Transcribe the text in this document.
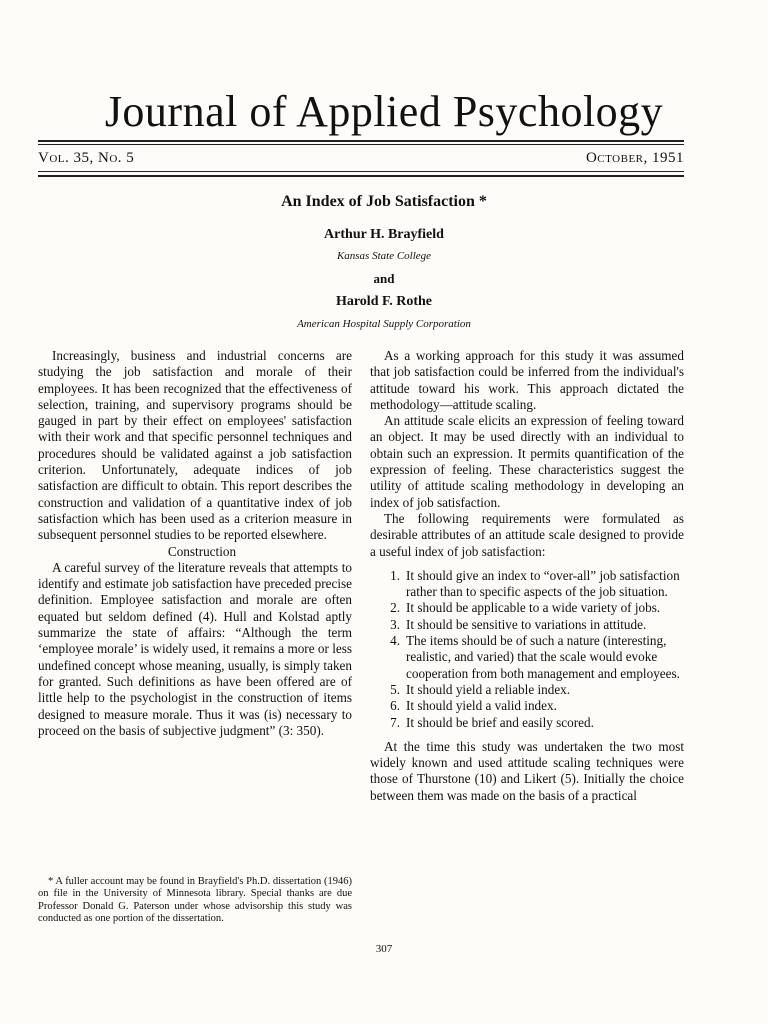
Journal of Applied Psychology
Vol. 35, No. 5	October, 1951
An Index of Job Satisfaction *
Arthur H. Brayfield
Kansas State College
and
Harold F. Rothe
American Hospital Supply Corporation

Increasingly, business and industrial concerns are studying the job satisfaction and morale of their employees. It has been recognized that the effectiveness of selection, training, and supervisory programs should be gauged in part by their effect on employees' satisfaction with their work and that specific personnel techniques and procedures should be validated against a job satisfaction criterion. Unfortunately, adequate indices of job satisfaction are difficult to obtain. This report describes the construction and validation of a quantitative index of job satisfaction which has been used as a criterion measure in subsequent personnel studies to be reported elsewhere.

Construction

A careful survey of the literature reveals that attempts to identify and estimate job satisfaction have preceded precise definition. Employee satisfaction and morale are often equated but seldom defined (4). Hull and Kolstad aptly summarize the state of affairs: “Although the term ‘employee morale’ is widely used, it remains a more or less undefined concept whose meaning, usually, is simply taken for granted. Such definitions as have been offered are of little help to the psychologist in the construction of items designed to measure morale. Thus it was (is) necessary to proceed on the basis of subjective judgment” (3: 350).

* A fuller account may be found in Brayfield's Ph.D. dissertation (1946) on file in the University of Minnesota library. Special thanks are due Professor Donald G. Paterson under whose advisorship this study was conducted as one portion of the dissertation.

As a working approach for this study it was assumed that job satisfaction could be inferred from the individual's attitude toward his work. This approach dictated the methodology—attitude scaling.

An attitude scale elicits an expression of feeling toward an object. It may be used directly with an individual to obtain such an expression. It permits quantification of the expression of feeling. These characteristics suggest the utility of attitude scaling methodology in developing an index of job satisfaction.

The following requirements were formulated as desirable attributes of an attitude scale designed to provide a useful index of job satisfaction:

1. It should give an index to “over-all” job satisfaction rather than to specific aspects of the job situation.
2. It should be applicable to a wide variety of jobs.
3. It should be sensitive to variations in attitude.
4. The items should be of such a nature (interesting, realistic, and varied) that the scale would evoke cooperation from both management and employees.
5. It should yield a reliable index.
6. It should yield a valid index.
7. It should be brief and easily scored.

At the time this study was undertaken the two most widely known and used attitude scaling techniques were those of Thurstone (10) and Likert (5). Initially the choice between them was made on the basis of a practical

307
